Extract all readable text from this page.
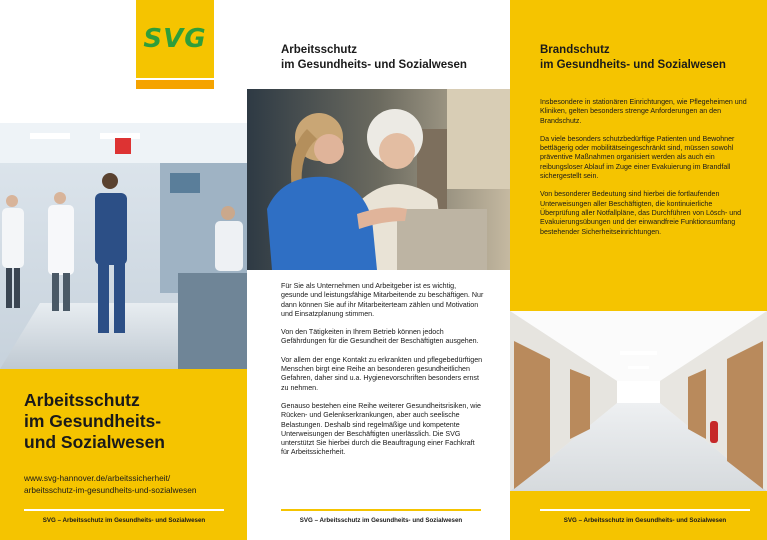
SVG
Arbeitsschutz
im Gesundheits-
und Sozialwesen
www.svg-hannover.de/arbeitssicherheit/
arbeitsschutz-im-gesundheits-und-sozialwesen
SVG – Arbeitsschutz im Gesundheits- und Sozialwesen
Arbeitsschutz
im Gesundheits- und Sozialwesen

Für Sie als Unternehmen und Arbeitgeber ist es wichtig, gesunde und leistungsfähige Mitarbeitende zu beschäftigen. Nur dann können Sie auf ihr Mitarbeiterteam zählen und Motivation und Einsatzplanung stimmen.

Von den Tätigkeiten in Ihrem Betrieb können jedoch Gefährdungen für die Gesundheit der Beschäftigten ausgehen.

Vor allem der enge Kontakt zu erkrankten und pflegebedürftigen Menschen birgt eine Reihe an besonderen gesundheitlichen Gefahren, daher sind u.a. Hygienevorschriften besonders ernst zu nehmen.

Genauso bestehen eine Reihe weiterer Gesundheitsrisiken, wie Rücken- und Gelenkserkrankungen, aber auch seelische Belastungen. Deshalb sind regelmäßige und kompetente Unterweisungen der Beschäftigten unerlässlich. Die SVG unterstützt Sie hierbei durch die Beauftragung einer Fachkraft für Arbeitssicherheit.

SVG – Arbeitsschutz im Gesundheits- und Sozialwesen
Brandschutz
im Gesundheits- und Sozialwesen

Insbesondere in stationären Einrichtungen, wie Pflegeheimen und Kliniken, gelten besonders strenge Anforderungen an den Brandschutz.

Da viele besonders schutzbedürftige Patienten und Bewohner bettlägerig oder mobilitätseingeschränkt sind, müssen sowohl präventive Maßnahmen organisiert werden als auch ein reibungsloser Ablauf im Zuge einer Evakuierung im Brandfall sichergestellt sein.

Von besonderer Bedeutung sind hierbei die fortlaufenden Unterweisungen aller Beschäftigten, die kontinuierliche Überprüfung aller Notfallpläne, das Durchführen von Lösch- und Evakuierungsübungen und der einwandfreie Funktionsumfang bestehender Sicherheitseinrichtungen.

SVG – Arbeitsschutz im Gesundheits- und Sozialwesen
